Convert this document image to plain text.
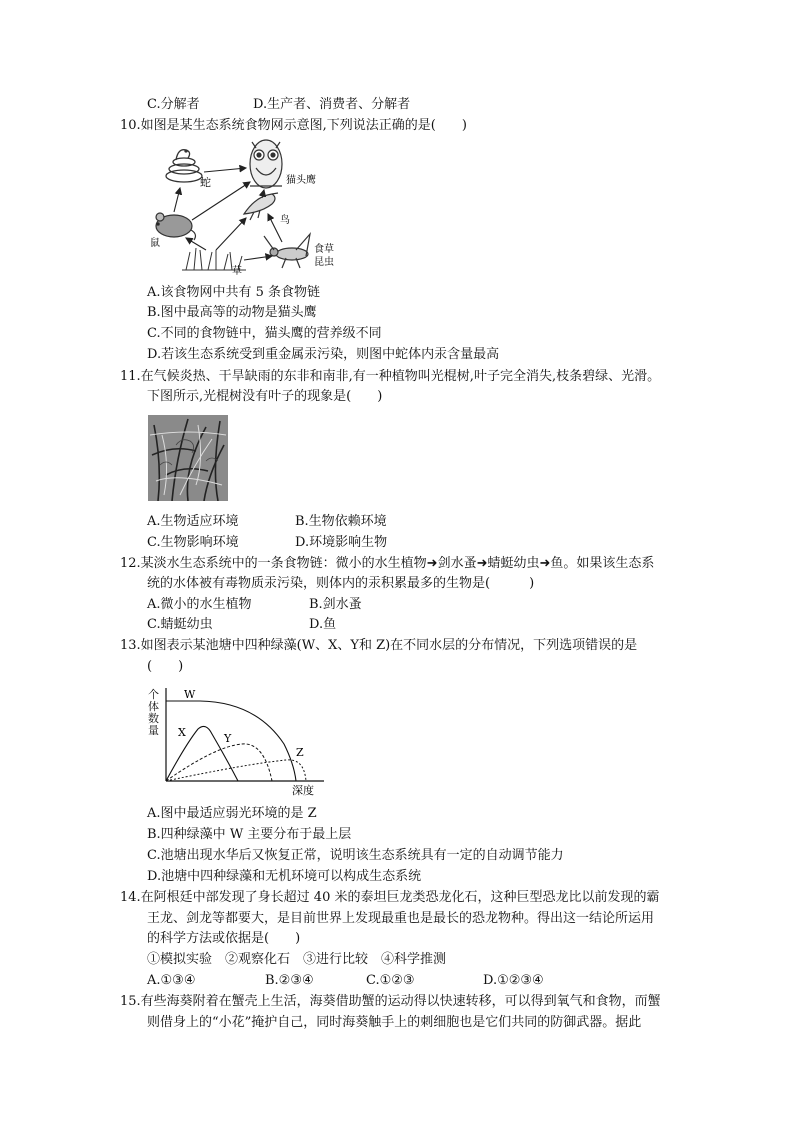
C.分解者	D.生产者、消费者、分解者
10.如图是某生态系统食物网示意图,下列说法正确的是(　　)
蛇	猫头鹰
鼠
鸟
草
食草
昆虫
A.该食物网中共有 5 条食物链
B.图中最高等的动物是猫头鹰
C.不同的食物链中，猫头鹰的营养级不同
D.若该生态系统受到重金属汞污染，则图中蛇体内汞含量最高
11.在气候炎热、干旱缺雨的东非和南非,有一种植物叫光棍树,叶子完全消失,枝条碧绿、光滑。
下图所示,光棍树没有叶子的现象是(　　)
A.生物适应环境	B.生物依赖环境
C.生物影响环境	D.环境影响生物
12.某淡水生态系统中的一条食物链：微小的水生植物➜剑水蚤➜蜻蜓幼虫➜鱼。如果该生态系
统的水体被有毒物质汞污染，则体内的汞积累最多的生物是(　　　)
A.微小的水生植物	B.剑水蚤
C.蜻蜓幼虫	D.鱼
13.如图表示某池塘中四种绿藻(W、X、Y和 Z)在不同水层的分布情况，下列选项错误的是
(　　)
个
体
数
量
深度
W
X	Y
Z
A.图中最适应弱光环境的是 Z
B.四种绿藻中 W 主要分布于最上层
C.池塘出现水华后又恢复正常，说明该生态系统具有一定的自动调节能力
D.池塘中四种绿藻和无机环境可以构成生态系统
14.在阿根廷中部发现了身长超过 40 米的泰坦巨龙类恐龙化石，这种巨型恐龙比以前发现的霸
王龙、剑龙等都要大，是目前世界上发现最重也是最长的恐龙物种。得出这一结论所运用
的科学方法或依据是(　　)
①模拟实验　②观察化石　③进行比较　④科学推测
A.①③④	B.②③④	C.①②③	D.①②③④
15.有些海葵附着在蟹壳上生活，海葵借助蟹的运动得以快速转移，可以得到氧气和食物，而蟹
则借身上的“小花”掩护自己，同时海葵触手上的刺细胞也是它们共同的防御武器。据此
